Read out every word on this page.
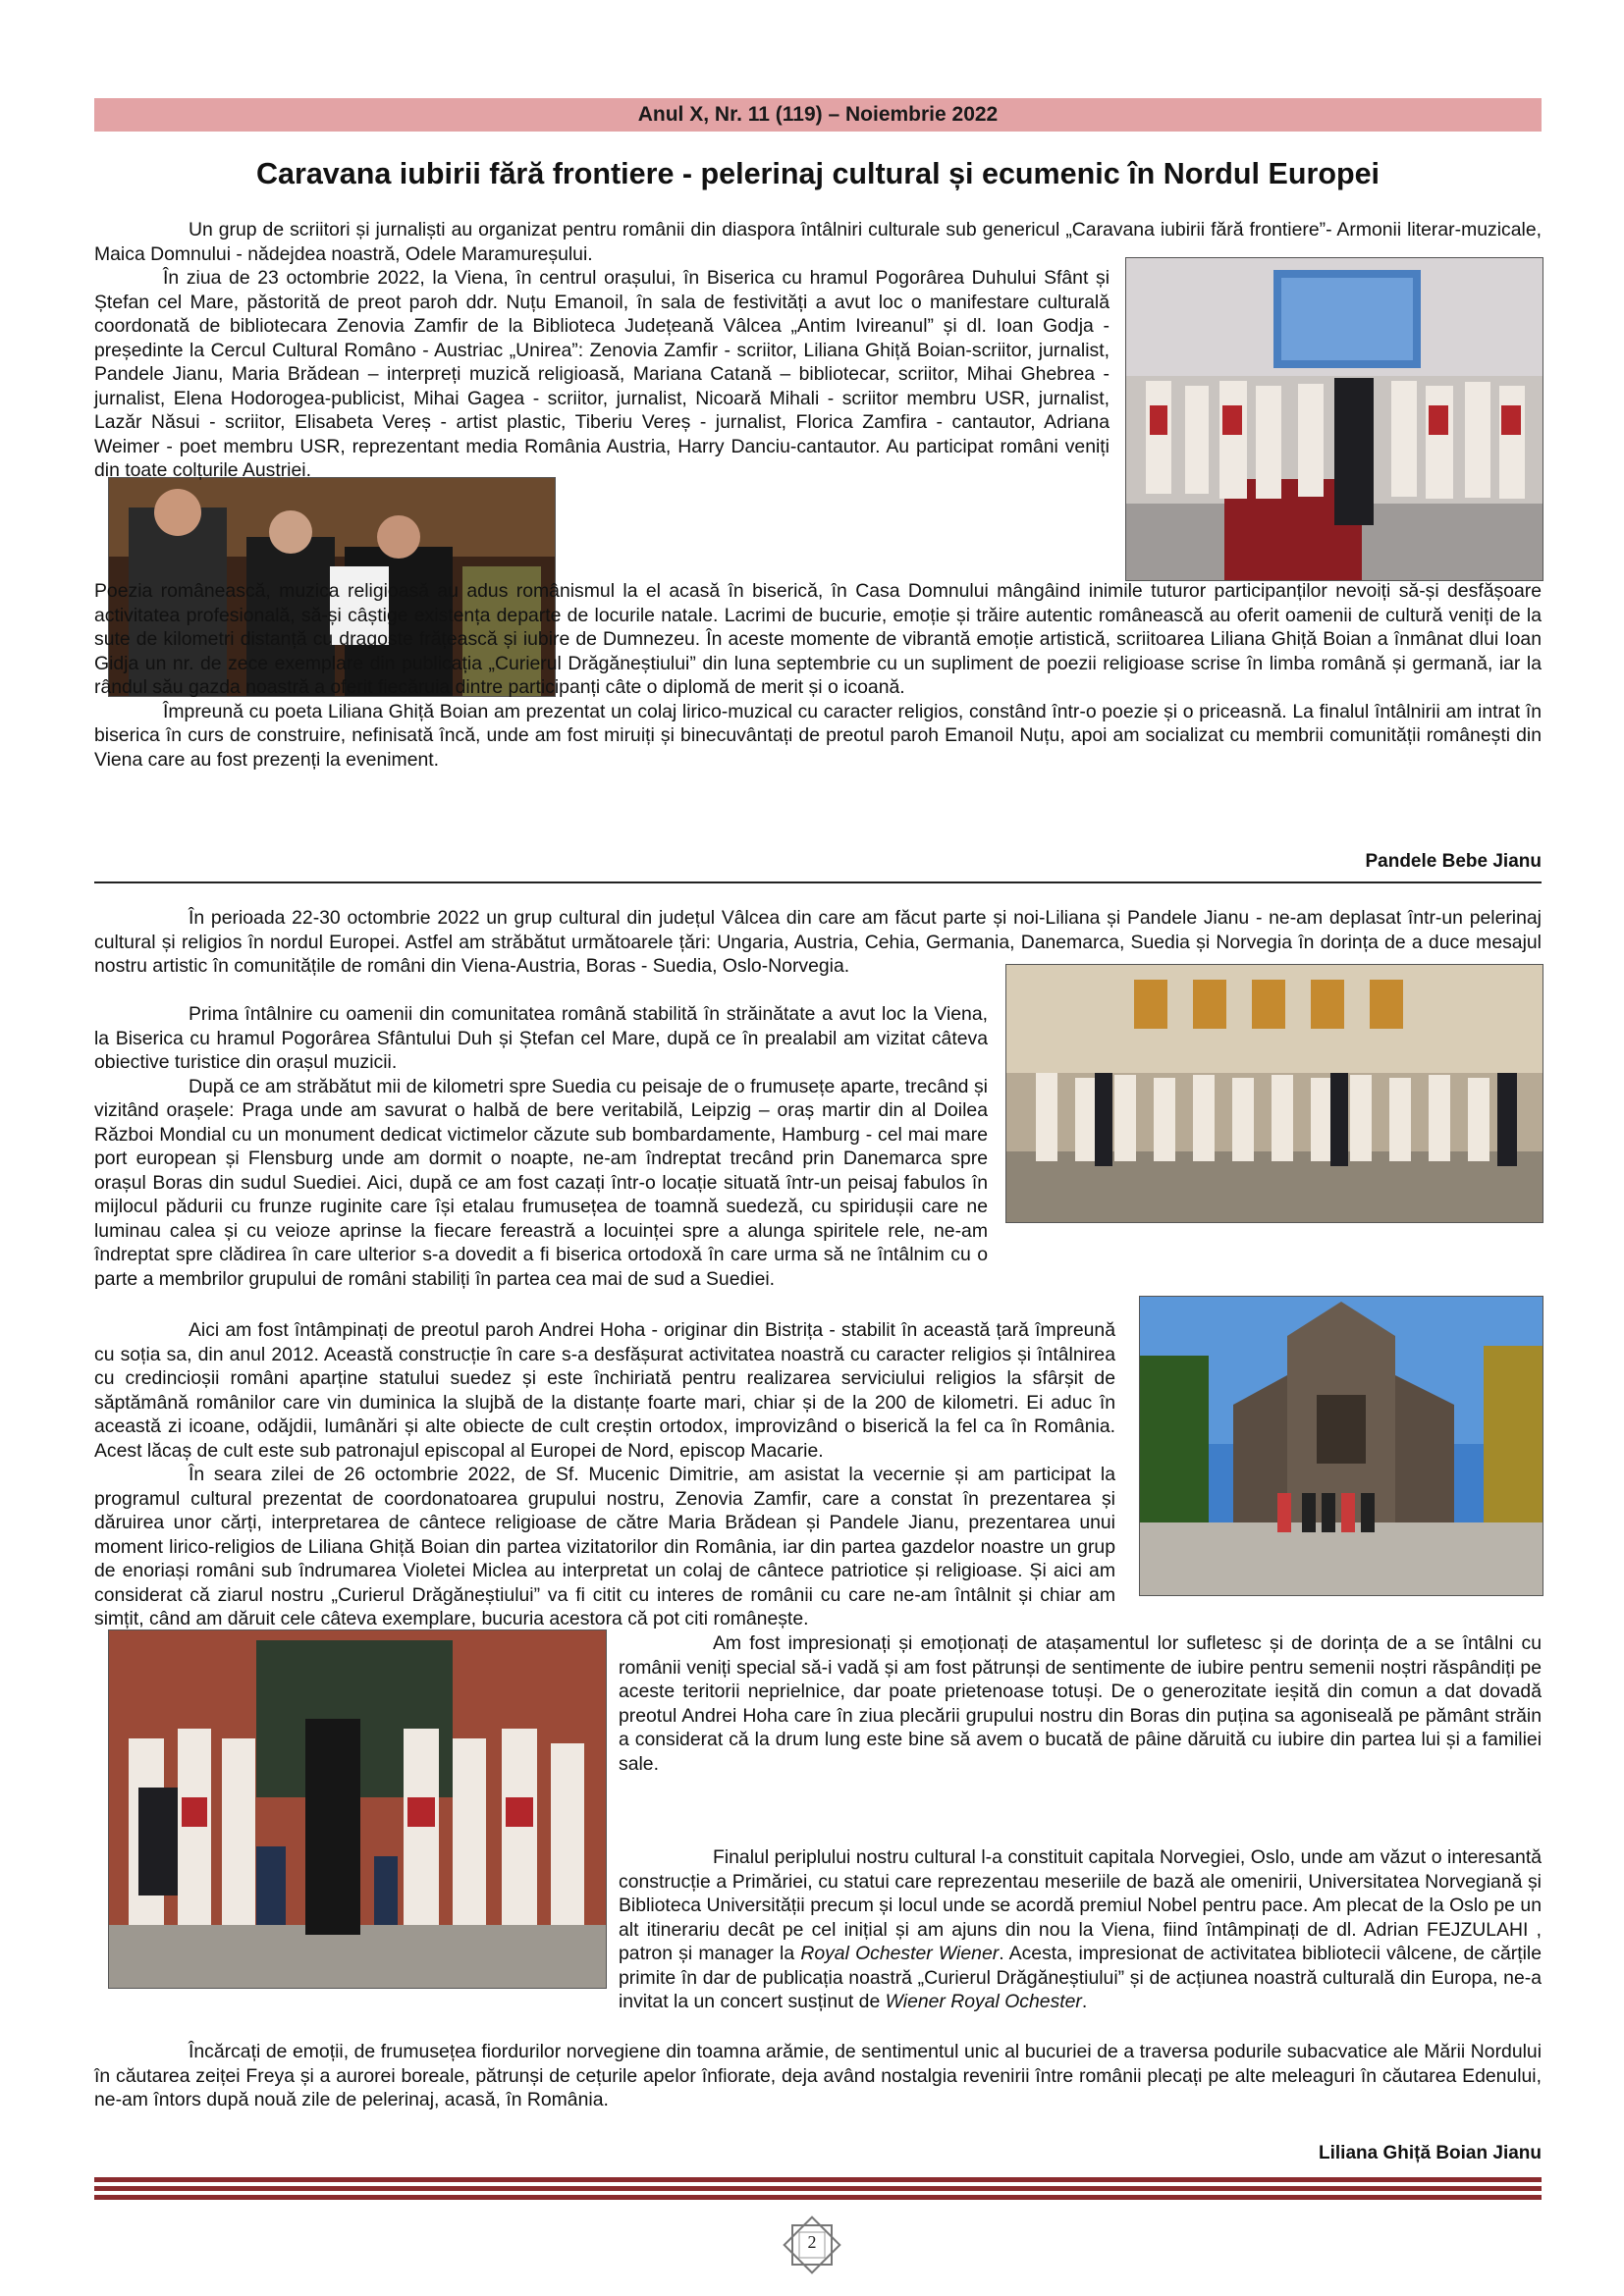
Anul X, Nr. 11 (119) – Noiembrie 2022
Caravana iubirii fără frontiere - pelerinaj cultural și ecumenic în Nordul Europei

Un grup de scriitori și jurnaliști au organizat pentru românii din diaspora întâlniri culturale sub genericul „Caravana iubirii fără frontiere”- Armonii literar-muzicale, Maica Domnului - nădejdea noastră, Odele Maramureșului.

În ziua de 23 octombrie 2022, la Viena, în centrul orașului, în Biserica cu hramul Pogorârea Duhului Sfânt și Ștefan cel Mare, păstorită de preot paroh ddr. Nuțu Emanoil, în sala de festivități a avut loc o manifestare culturală coordonată de bibliotecara Zenovia Zamfir de la Biblioteca Județeană Vâlcea „Antim Ivireanul” și dl. Ioan Godja - președinte la Cercul Cultural Româno - Austriac „Unirea”: Zenovia Zamfir - scriitor, Liliana Ghiță Boian-scriitor, jurnalist, Pandele Jianu, Maria Brădean – interpreți muzică religioasă, Mariana Catană – bibliotecar, scriitor, Mihai Ghebrea - jurnalist, Elena Hodorogea-publicist, Mihai Gagea - scriitor, jurnalist, Nicoară Mihali - scriitor membru USR, jurnalist, Lazăr Năsui - scriitor, Elisabeta Vereș - artist plastic, Tiberiu Vereș - jurnalist, Florica Zamfira - cantautor, Adriana Weimer - poet membru USR, reprezentant media România Austria, Harry Danciu-cantautor. Au participat români veniți din toate colțurile Austriei.

Poezia românească, muzica religioasă au adus românismul la el acasă în biserică, în Casa Domnului mângâind inimile tuturor participanților nevoiți să-și desfășoare activitatea profesională, să-și câștige existența departe de locurile natale. Lacrimi de bucurie, emoție și trăire autentic românească au oferit oamenii de cultură veniți de la sute de kilometri distanță cu dragoste frățească și iubire de Dumnezeu. În aceste momente de vibrantă emoție artistică, scriitoarea Liliana Ghiță Boian a înmânat dlui Ioan Gidja un nr. de zece exemplare din publicația „Curierul Drăgăneștiului” din luna septembrie cu un supliment de poezii religioase scrise în limba română și germană, iar la rândul său gazda noastră a oferit fiecăruia dintre participanți câte o diplomă de merit și o icoană.

Împreună cu poeta Liliana Ghiță Boian am prezentat un colaj lirico-muzical cu caracter religios, constând într-o poezie și o priceasnă. La finalul întâlnirii am intrat în biserica în curs de construire, nefinisată încă, unde am fost miruiți și binecuvântați de preotul paroh Emanoil Nuțu, apoi am socializat cu membrii comunității românești din Viena care au fost prezenți la eveniment.

Pandele Bebe Jianu

În perioada 22-30 octombrie 2022 un grup cultural din județul Vâlcea din care am făcut parte și noi-Liliana și Pandele Jianu - ne-am deplasat într-un pelerinaj cultural și religios în nordul Europei. Astfel am străbătut următoarele țări: Ungaria, Austria, Cehia, Germania, Danemarca, Suedia și Norvegia în dorința de a duce mesajul nostru artistic în comunitățile de români din Viena-Austria, Boras - Suedia, Oslo-Norvegia.

Prima întâlnire cu oamenii din comunitatea română stabilită în străinătate a avut loc la Viena, la Biserica cu hramul Pogorârea Sfântului Duh și Ștefan cel Mare, după ce în prealabil am vizitat câteva obiective turistice din orașul muzicii.

După ce am străbătut mii de kilometri spre Suedia cu peisaje de o frumusețe aparte, trecând și vizitând orașele: Praga unde am savurat o halbă de bere veritabilă, Leipzig – oraș martir din al Doilea Război Mondial cu un monument dedicat victimelor căzute sub bombardamente, Hamburg - cel mai mare port european și Flensburg unde am dormit o noapte, ne-am îndreptat trecând prin Danemarca spre orașul Boras din sudul Suediei. Aici, după ce am fost cazați într-o locație situată într-un peisaj fabulos în mijlocul pădurii cu frunze ruginite care își etalau frumusețea de toamnă suedeză, cu spiridușii care ne luminau calea și cu veioze aprinse la fiecare fereastră a locuinței spre a alunga spiritele rele, ne-am îndreptat spre clădirea în care ulterior s-a dovedit a fi biserica ortodoxă în care urma să ne întâlnim cu o parte a membrilor grupului de români stabiliți în partea cea mai de sud a Suediei.

Aici am fost întâmpinați de preotul paroh Andrei Hoha - originar din Bistrița - stabilit în această țară împreună cu soția sa, din anul 2012. Această construcție în care s-a desfășurat activitatea noastră cu caracter religios și întâlnirea cu credincioșii români aparține statului suedez și este închiriată pentru realizarea serviciului religios la sfârșit de săptămână românilor care vin duminica la slujbă de la distanțe foarte mari, chiar și de la 200 de kilometri. Ei aduc în această zi icoane, odăjdii, lumânări și alte obiecte de cult creștin ortodox, improvizând o biserică la fel ca în România. Acest lăcaș de cult este sub patronajul episcopal al Europei de Nord, episcop Macarie.

În seara zilei de 26 octombrie 2022, de Sf. Mucenic Dimitrie, am asistat la vecernie și am participat la programul cultural prezentat de coordonatoarea grupului nostru, Zenovia Zamfir, care a constat în prezentarea și dăruirea unor cărți, interpretarea de cântece religioase de către Maria Brădean și Pandele Jianu, prezentarea unui moment lirico-religios de Liliana Ghiță Boian din partea vizitatorilor din România, iar din partea gazdelor noastre un grup de enoriași români sub îndrumarea Violetei Miclea au interpretat un colaj de cântece patriotice și religioase. Și aici am considerat că ziarul nostru „Curierul Drăgăneștiului” va fi citit cu interes de românii cu care ne-am întâlnit și chiar am simțit, când am dăruit cele câteva exemplare, bucuria acestora că pot citi românește.

Am fost impresionați și emoționați de atașamentul lor sufletesc și de dorința de a se întâlni cu românii veniți special să-i vadă și am fost pătrunși de sentimente de iubire pentru semenii noștri răspândiți pe aceste teritorii neprielnice, dar poate prietenoase totuși. De o generozitate ieșită din comun a dat dovadă preotul Andrei Hoha care în ziua plecării grupului nostru din Boras din puțina sa agoniseală pe pământ străin a considerat că la drum lung este bine să avem o bucată de pâine dăruită cu iubire din partea lui și a familiei sale.

Finalul periplului nostru cultural l-a constituit capitala Norvegiei, Oslo, unde am văzut o interesantă construcție a Primăriei, cu statui care reprezentau meseriile de bază ale omenirii, Universitatea Norvegiană și Biblioteca Universității precum și locul unde se acordă premiul Nobel pentru pace. Am plecat de la Oslo pe un alt itinerariu decât pe cel inițial și am ajuns din nou la Viena, fiind întâmpinați de dl. Adrian FEJZULAHI , patron și manager la Royal Ochester Wiener. Acesta, impresionat de activitatea bibliotecii vâlcene, de cărțile primite în dar de publicația noastră „Curierul Drăgăneștiului” și de acțiunea noastră culturală din Europa, ne-a invitat la un concert susținut de Wiener Royal Ochester.

Încărcați de emoții, de frumusețea fiordurilor norvegiene din toamna arămie, de sentimentul unic al bucuriei de a traversa podurile subacvatice ale Mării Nordului în căutarea zeiței Freya și a aurorei boreale, pătrunși de cețurile apelor înfiorate, deja având nostalgia revenirii între românii plecați pe alte meleaguri în căutarea Edenului, ne-am întors după nouă zile de pelerinaj, acasă, în România.

Liliana Ghiță Boian Jianu
2
